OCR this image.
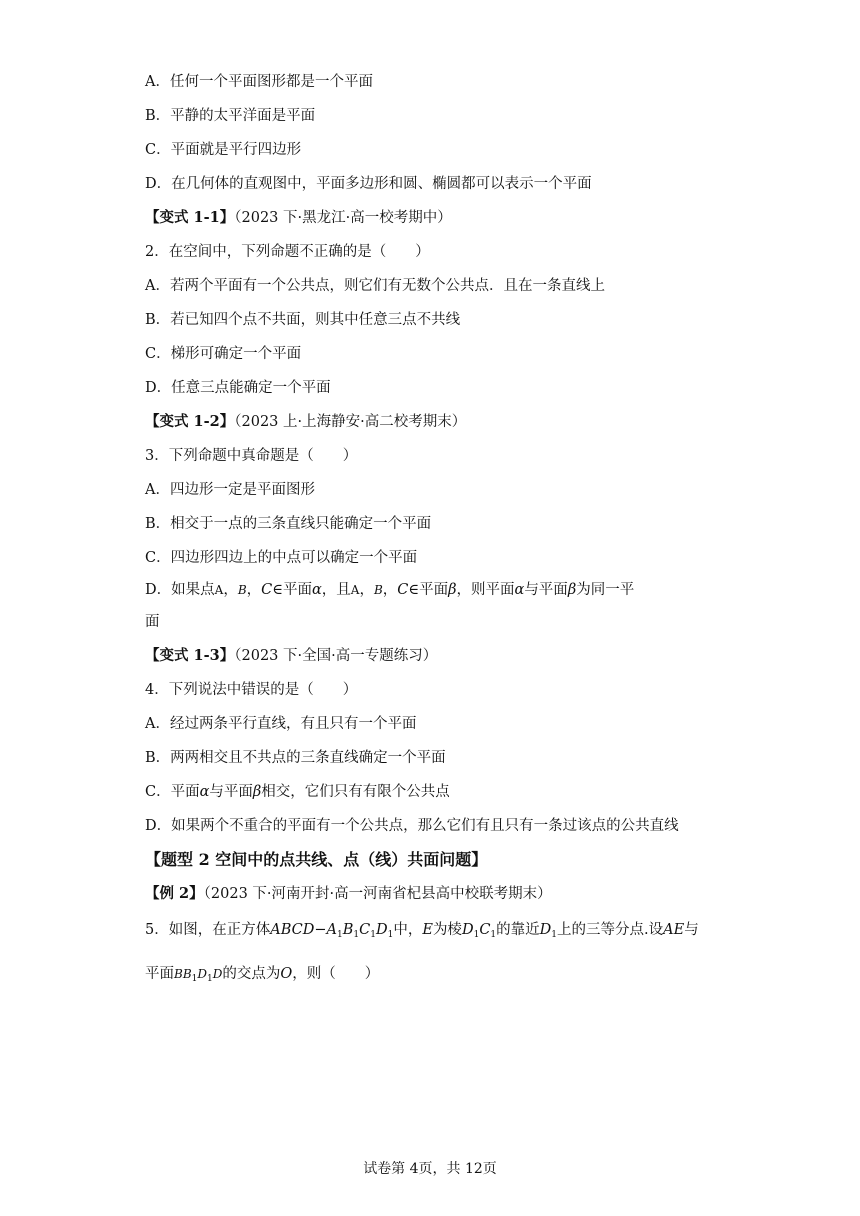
A．任何一个平面图形都是一个平面
B．平静的太平洋面是平面
C．平面就是平行四边形
D．在几何体的直观图中，平面多边形和圆、椭圆都可以表示一个平面
【变式 1-1】（2023 下·黑龙江·高一校考期中）
2．在空间中，下列命题不正确的是（　　）
A．若两个平面有一个公共点，则它们有无数个公共点．且在一条直线上
B．若已知四个点不共面，则其中任意三点不共线
C．梯形可确定一个平面
D．任意三点能确定一个平面
【变式 1-2】（2023 上·上海静安·高二校考期末）
3．下列命题中真命题是（　　）
A．四边形一定是平面图形
B．相交于一点的三条直线只能确定一个平面
C．四边形四边上的中点可以确定一个平面
D．如果点A，B，C∈平面α，且A，B，C∈平面β，则平面α与平面β为同一平
面
【变式 1-3】（2023 下·全国·高一专题练习）
4．下列说法中错误的是（　　）
A．经过两条平行直线，有且只有一个平面
B．两两相交且不共点的三条直线确定一个平面
C．平面α与平面β相交，它们只有有限个公共点
D．如果两个不重合的平面有一个公共点，那么它们有且只有一条过该点的公共直线
【题型 2 空间中的点共线、点（线）共面问题】
【例 2】（2023 下·河南开封·高一河南省杞县高中校联考期末）
5．如图，在正方体$ABCD-A_1B_1C_1D_1$中，E为棱$D_1C_1$的靠近$D_1$上的三等分点.设AE与
平面$BB_1D_1D$的交点为O，则（　　）
试卷第 4页，共 12页
